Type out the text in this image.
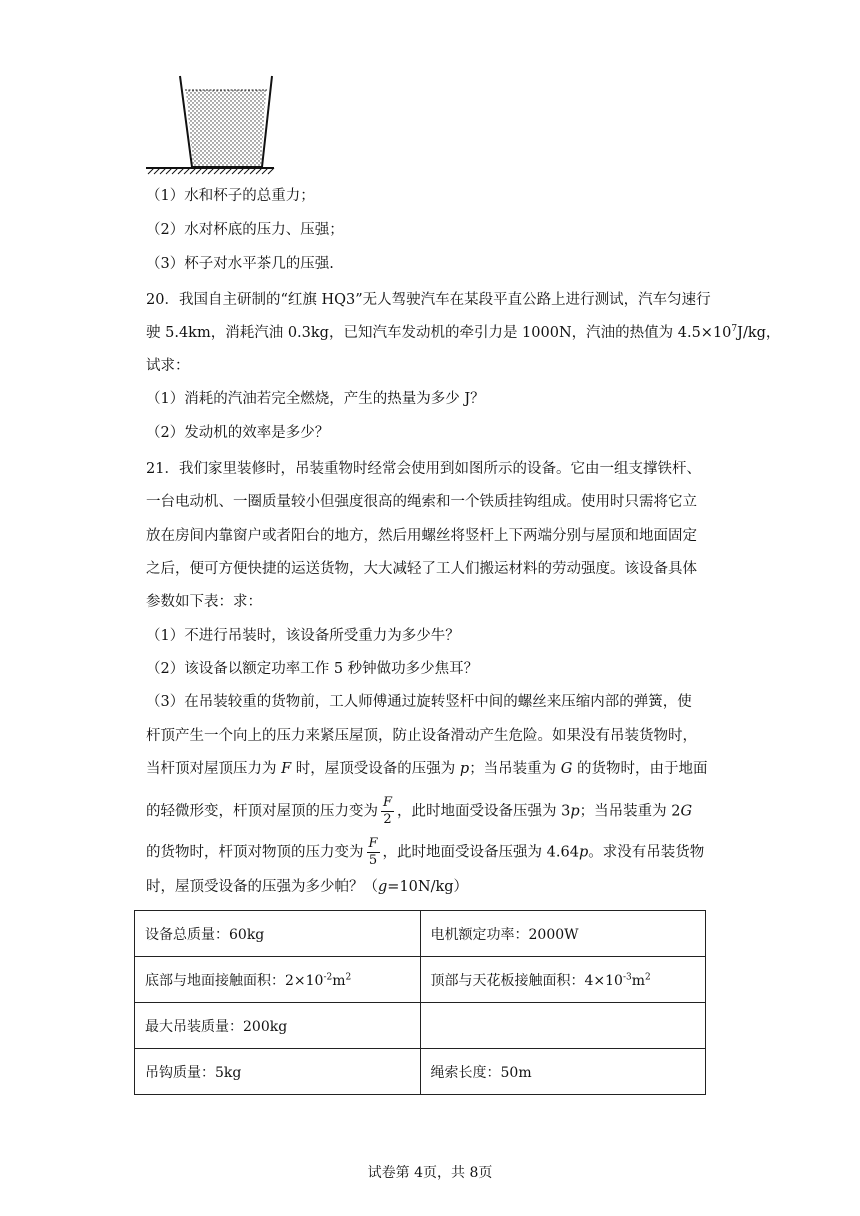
（1）水和杯子的总重力；
（2）水对杯底的压力、压强；
（3）杯子对水平茶几的压强.
20．我国自主研制的“红旗 HQ3”无人驾驶汽车在某段平直公路上进行测试，汽车匀速行
驶 5.4km，消耗汽油 0.3kg，已知汽车发动机的牵引力是 1000N，汽油的热值为 $4.5\times 10^7J/kg$，
试求：
（1）消耗的汽油若完全燃烧，产生的热量为多少 J？
（2）发动机的效率是多少？
21．我们家里装修时，吊装重物时经常会使用到如图所示的设备。它由一组支撑铁杆、
一台电动机、一圈质量较小但强度很高的绳索和一个铁质挂钩组成。使用时只需将它立
放在房间内靠窗户或者阳台的地方，然后用螺丝将竖杆上下两端分别与屋顶和地面固定
之后，便可方便快捷的运送货物，大大减轻了工人们搬运材料的劳动强度。该设备具体
参数如下表：求：
（1）不进行吊装时，该设备所受重力为多少牛？
（2）该设备以额定功率工作 5 秒钟做功多少焦耳？
（3）在吊装较重的货物前，工人师傅通过旋转竖杆中间的螺丝来压缩内部的弹簧，使
杆顶产生一个向上的压力来紧压屋顶，防止设备滑动产生危险。如果没有吊装货物时，
当杆顶对屋顶压力为 F 时，屋顶受设备的压强为 p；当吊装重为 G 的货物时，由于地面
的轻微形变，杆顶对屋顶的压力变为 $\frac{F}{2}$ ，此时地面受设备压强为 3p；当吊装重为 2G
的货物时，杆顶对物顶的压力变为 $\frac{F}{5}$ ，此时地面受设备压强为 4.64p。求没有吊装货物
时，屋顶受设备的压强为多少帕？（g=10N/kg）
设备总质量：60kg	电机额定功率：2000W
底部与地面接触面积：$2\times 10^{-2}m^2$	顶部与天花板接触面积：$4\times 10^{-3}m^2$
最大吊装质量：200kg	
吊钩质量：5kg	绳索长度：50m
试卷第 4页，共 8页
